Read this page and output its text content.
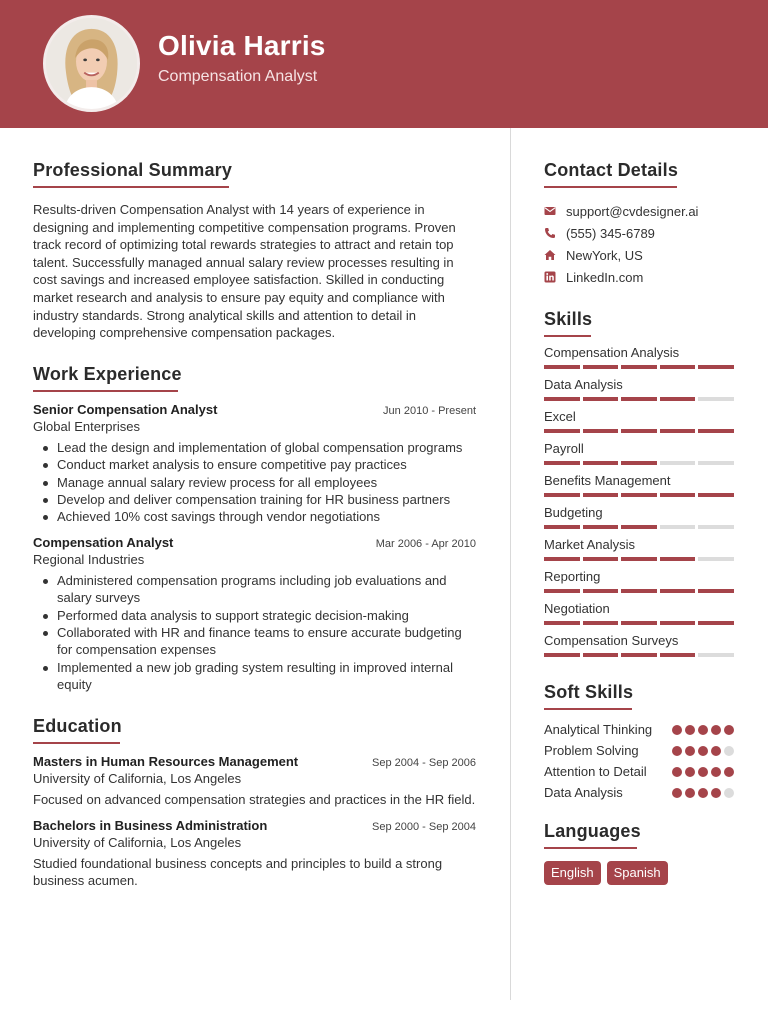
Olivia Harris
Compensation Analyst
Professional Summary

Results-driven Compensation Analyst with 14 years of experience in designing and implementing competitive compensation programs. Proven track record of optimizing total rewards strategies to attract and retain top talent. Successfully managed annual salary review processes resulting in cost savings and increased employee satisfaction. Skilled in conducting market research and analysis to ensure pay equity and compliance with industry standards. Strong analytical skills and attention to detail in developing comprehensive compensation packages.

Work Experience
Senior Compensation Analyst	Jun 2010 - Present
Global Enterprises
Lead the design and implementation of global compensation programs
Conduct market analysis to ensure competitive pay practices
Manage annual salary review process for all employees
Develop and deliver compensation training for HR business partners
Achieved 10% cost savings through vendor negotiations
Compensation Analyst	Mar 2006 - Apr 2010
Regional Industries
Administered compensation programs including job evaluations and salary surveys
Performed data analysis to support strategic decision-making
Collaborated with HR and finance teams to ensure accurate budgeting for compensation expenses
Implemented a new job grading system resulting in improved internal equity
Education
Masters in Human Resources Management	Sep 2004 - Sep 2006
University of California, Los Angeles
Focused on advanced compensation strategies and practices in the HR field.
Bachelors in Business Administration	Sep 2000 - Sep 2004
University of California, Los Angeles
Studied foundational business concepts and principles to build a strong business acumen.
Contact Details
support@cvdesigner.ai
(555) 345-6789
NewYork, US
LinkedIn.com
Skills
Compensation Analysis
Data Analysis
Excel
Payroll
Benefits Management
Budgeting
Market Analysis
Reporting
Negotiation
Compensation Surveys
Soft Skills
Analytical Thinking
Problem Solving
Attention to Detail
Data Analysis
Languages
English	Spanish
